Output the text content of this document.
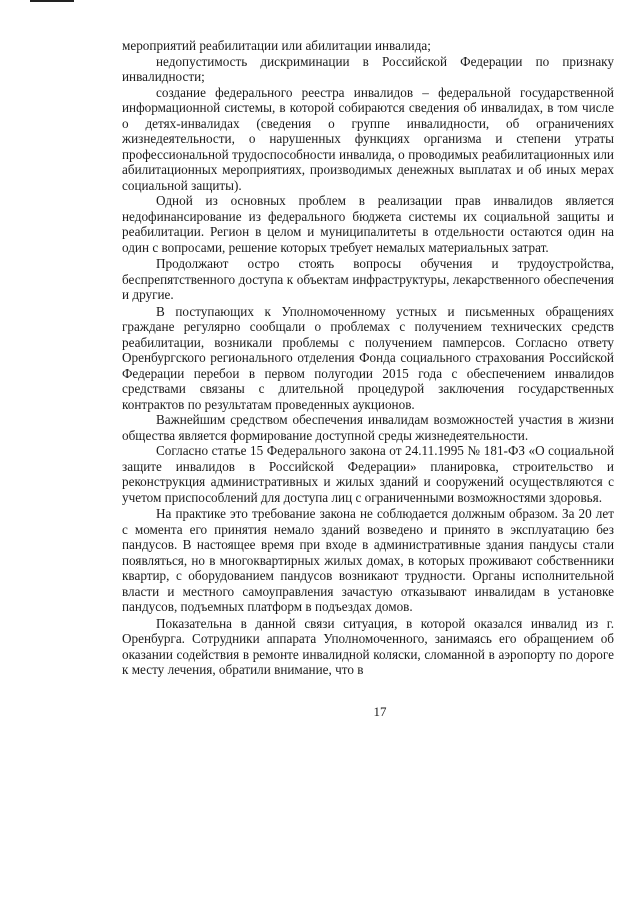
мероприятий реабилитации или абилитации инвалида;

недопустимость дискриминации в Российской Федерации по признаку инвалидности;

создание федерального реестра инвалидов – федеральной государственной информационной системы, в которой собираются сведения об инвалидах, в том числе о детях-инвалидах (сведения о группе инвалидности, об ограничениях жизнедеятельности, о нарушенных функциях организма и степени утраты профессиональной трудоспособности инвалида, о проводимых реабилитационных или абилитационных мероприятиях, производимых денежных выплатах и об иных мерах социальной защиты).

Одной из основных проблем в реализации прав инвалидов является недофинансирование из федерального бюджета системы их социальной защиты и реабилитации. Регион в целом и муниципалитеты в отдельности остаются один на один с вопросами, решение которых требует немалых материальных затрат.

Продолжают остро стоять вопросы обучения и трудоустройства, беспрепятственного доступа к объектам инфраструктуры, лекарственного обеспечения и другие.

В поступающих к Уполномоченному устных и письменных обращениях граждане регулярно сообщали о проблемах с получением технических средств реабилитации, возникали проблемы с получением памперсов. Согласно ответу Оренбургского регионального отделения Фонда социального страхования Российской Федерации перебои в первом полугодии 2015 года с обеспечением инвалидов средствами связаны с длительной процедурой заключения государственных контрактов по результатам проведенных аукционов.

Важнейшим средством обеспечения инвалидам возможностей участия в жизни общества является формирование доступной среды жизнедеятельности.

Согласно статье 15 Федерального закона от 24.11.1995 № 181-ФЗ «О социальной защите инвалидов в Российской Федерации» планировка, строительство и реконструкция административных и жилых зданий и сооружений осуществляются с учетом приспособлений для доступа лиц с ограниченными возможностями здоровья.

На практике это требование закона не соблюдается должным образом. За 20 лет с момента его принятия немало зданий возведено и принято в эксплуатацию без пандусов. В настоящее время при входе в административные здания пандусы стали появляться, но в многоквартирных жилых домах, в которых проживают собственники квартир, с оборудованием пандусов возникают трудности. Органы исполнительной власти и местного самоуправления зачастую отказывают инвалидам в установке пандусов, подъемных платформ в подъездах домов.

Показательна в данной связи ситуация, в которой оказался инвалид из г. Оренбурга. Сотрудники аппарата Уполномоченного, занимаясь его обращением об оказании содействия в ремонте инвалидной коляски, сломанной в аэропорту по дороге к месту лечения, обратили внимание, что в

17
